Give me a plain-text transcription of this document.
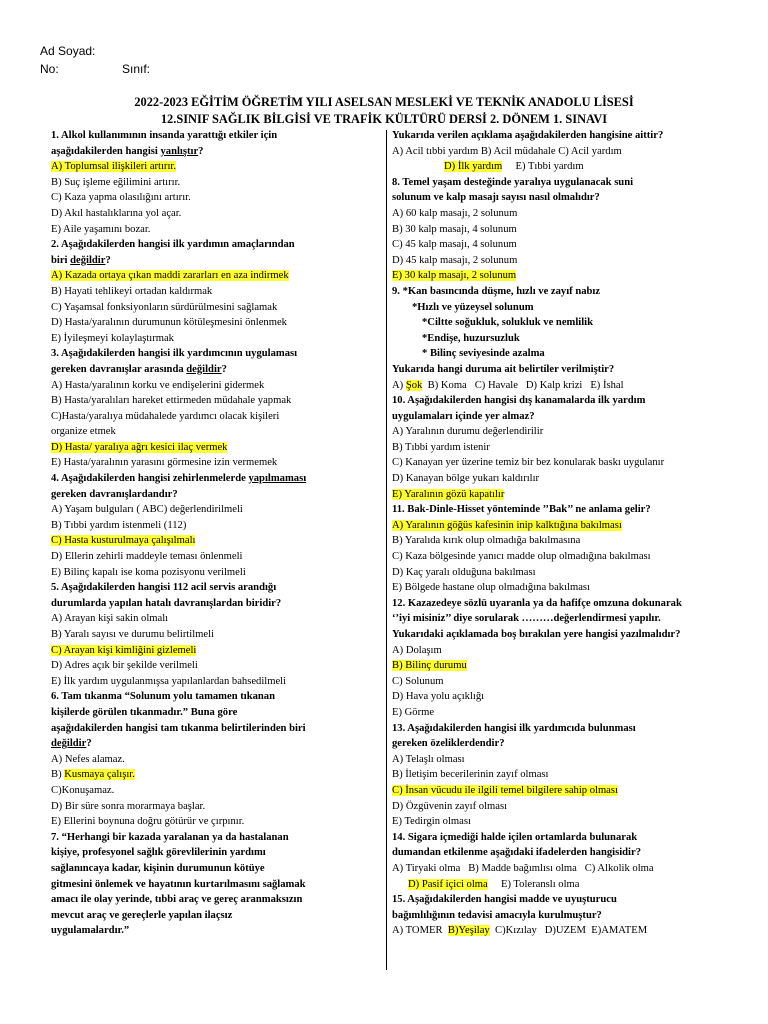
Ad Soyad:
No:	Sınıf:
2022-2023 EĞİTİM ÖĞRETİM YILI ASELSAN MESLEKİ VE TEKNİK ANADOLU LİSESİ
12.SINIF SAĞLIK BİLGİSİ VE TRAFİK KÜLTÜRÜ DERSİ 2. DÖNEM 1. SINAVI
1. Alkol kullanımının insanda yarattığı etkiler için
aşağıdakilerden hangisi yanlıştır?
A) Toplumsal ilişkileri artırır.
B) Suç işleme eğilimini artırır.
C) Kaza yapma olasılığını artırır.
D) Akıl hastalıklarına yol açar.
E) Aile yaşamını bozar.
2. Aşağıdakilerden hangisi ilk yardımın amaçlarından
biri değildir?
A) Kazada ortaya çıkan maddi zararları en aza indirmek
B) Hayati tehlikeyi ortadan kaldırmak
C) Yaşamsal fonksiyonların sürdürülmesini sağlamak
D) Hasta/yaralının durumunun kötüleşmesini önlenmek
E) İyileşmeyi kolaylaştırmak
3. Aşağıdakilerden hangisi ilk yardımcının uygulaması
gereken davranışlar arasında değildir?
A) Hasta/yaralının korku ve endişelerini gidermek
B) Hasta/yaralıları hareket ettirmeden müdahale yapmak
C)Hasta/yaralıya müdahalede yardımcı olacak kişileri
organize etmek
D) Hasta/ yaralıya ağrı kesici ilaç vermek
E) Hasta/yaralının yarasını görmesine izin vermemek
4. Aşağıdakilerden hangisi zehirlenmelerde yapılmaması
gereken davranışlardandır?
A) Yaşam bulguları ( ABC) değerlendirilmeli
B) Tıbbi yardım istenmeli (112)
C) Hasta kusturulmaya çalışılmalı
D) Ellerin zehirli maddeyle teması önlenmeli
E) Bilinç kapalı ise koma pozisyonu verilmeli
5. Aşağıdakilerden hangisi 112 acil servis arandığı
durumlarda yapılan hatalı davranışlardan biridir?
A) Arayan kişi sakin olmalı
B) Yaralı sayısı ve durumu belirtilmeli
C) Arayan kişi kimliğini gizlemeli
D) Adres açık bir şekilde verilmeli
E) İlk yardım uygulanmışsa yapılanlardan bahsedilmeli
6. Tam tıkanma “Solunum yolu tamamen tıkanan
kişilerde görülen tıkanmadır.” Buna göre
aşağıdakilerden hangisi tam tıkanma belirtilerinden biri
değildir?
A) Nefes alamaz.
B) Kusmaya çalışır.
C)Konuşamaz.
D) Bir süre sonra morarmaya başlar.
E) Ellerini boynuna doğru götürür ve çırpınır.
7. “Herhangi bir kazada yaralanan ya da hastalanan
kişiye, profesyonel sağlık görevlilerinin yardımı
sağlanıncaya kadar, kişinin durumunun kötüye
gitmesini önlemek ve hayatının kurtarılmasını sağlamak
amacı ile olay yerinde, tıbbi araç ve gereç aranmaksızın
mevcut araç ve gereçlerle yapılan ilaçsız
uygulamalardır.”
Yukarıda verilen açıklama aşağıdakilerden hangisine aittir?
A) Acil tıbbi yardım B) Acil müdahale C) Acil yardım
D) İlk yardım     E) Tıbbi yardım
8. Temel yaşam desteğinde yaralıya uygulanacak suni
solunum ve kalp masajı sayısı nasıl olmalıdır?
A) 60 kalp masajı, 2 solunum
B) 30 kalp masajı, 4 solunum
C) 45 kalp masajı, 4 solunum
D) 45 kalp masajı, 2 solunum
E) 30 kalp masajı, 2 solunum
9. *Kan basıncında düşme, hızlı ve zayıf nabız
*Hızlı ve yüzeysel solunum
*Ciltte soğukluk, solukluk ve nemlilik
*Endişe, huzursuzluk
* Bilinç seviyesinde azalma
Yukarıda hangi duruma ait belirtiler verilmiştir?
A) Şok  B) Koma   C) Havale   D) Kalp krizi   E) İshal
10. Aşağıdakilerden hangisi dış kanamalarda ilk yardım
uygulamaları içinde yer almaz?
A) Yaralının durumu değerlendirilir
B) Tıbbi yardım istenir
C) Kanayan yer üzerine temiz bir bez konularak baskı uygulanır
D) Kanayan bölge yukarı kaldırılır
E) Yaralının gözü kapatılır
11. Bak-Dinle-Hisset yönteminde ’’Bak’’ ne anlama gelir?
A) Yaralının göğüs kafesinin inip kalktığına bakılması
B) Yaralıda kırık olup olmadığa bakılmasına
C) Kaza bölgesinde yanıcı madde olup olmadığına bakılması
D) Kaç yaralı olduğuna bakılması
E) Bölgede hastane olup olmadığına bakılması
12. Kazazedeye sözlü uyaranla ya da hafifçe omzuna dokunarak
‘’iyi misiniz’’ diye sorularak ………değerlendirmesi yapılır.
Yukarıdaki açıklamada boş bırakılan yere hangisi yazılmalıdır?
A) Dolaşım
B) Bilinç durumu
C) Solunum
D) Hava yolu açıklığı
E) Görme
13. Aşağıdakilerden hangisi ilk yardımcıda bulunması
gereken özeliklerdendir?
A) Telaşlı olması
B) İletişim becerilerinin zayıf olması
C) İnsan vücudu ile ilgili temel bilgilere sahip olması
D) Özgüvenin zayıf olması
E) Tedirgin olması
14. Sigara içmediği halde içilen ortamlarda bulunarak
dumandan etkilenme aşağıdaki ifadelerden hangisidir?
A) Tiryaki olma   B) Madde bağımlısı olma   C) Alkolik olma
D) Pasif içici olma     E) Toleranslı olma
15. Aşağıdakilerden hangisi madde ve uyuşturucu
bağımlılığının tedavisi amacıyla kurulmuştur?
A) TOMER  B)Yeşilay  C)Kızılay   D)UZEM  E)AMATEM
